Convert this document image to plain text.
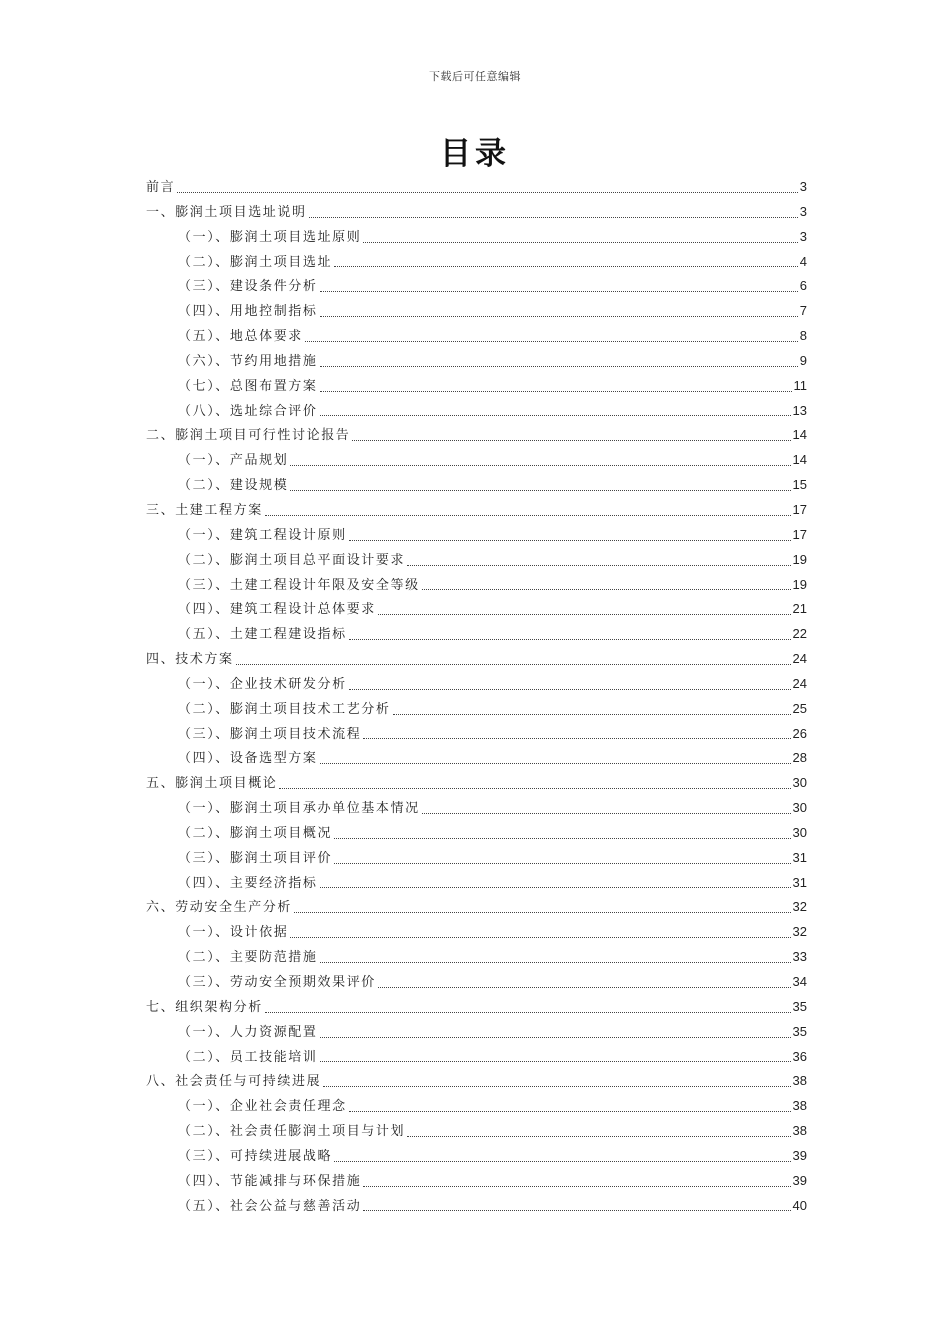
下载后可任意编辑
目录
前言	3
一、膨润土项目选址说明	3
（一）、膨润土项目选址原则	3
（二）、膨润土项目选址	4
（三）、建设条件分析	6
（四）、用地控制指标	7
（五）、地总体要求	8
（六）、节约用地措施	9
（七）、总图布置方案	11
（八）、选址综合评价	13
二、膨润土项目可行性讨论报告	14
（一）、产品规划	14
（二）、建设规模	15
三、土建工程方案	17
（一）、建筑工程设计原则	17
（二）、膨润土项目总平面设计要求	19
（三）、土建工程设计年限及安全等级	19
（四）、建筑工程设计总体要求	21
（五）、土建工程建设指标	22
四、技术方案	24
（一）、企业技术研发分析	24
（二）、膨润土项目技术工艺分析	25
（三）、膨润土项目技术流程	26
（四）、设备选型方案	28
五、膨润土项目概论	30
（一）、膨润土项目承办单位基本情况	30
（二）、膨润土项目概况	30
（三）、膨润土项目评价	31
（四）、主要经济指标	31
六、劳动安全生产分析	32
（一）、设计依据	32
（二）、主要防范措施	33
（三）、劳动安全预期效果评价	34
七、组织架构分析	35
（一）、人力资源配置	35
（二）、员工技能培训	36
八、社会责任与可持续进展	38
（一）、企业社会责任理念	38
（二）、社会责任膨润土项目与计划	38
（三）、可持续进展战略	39
（四）、节能减排与环保措施	39
（五）、社会公益与慈善活动	40
